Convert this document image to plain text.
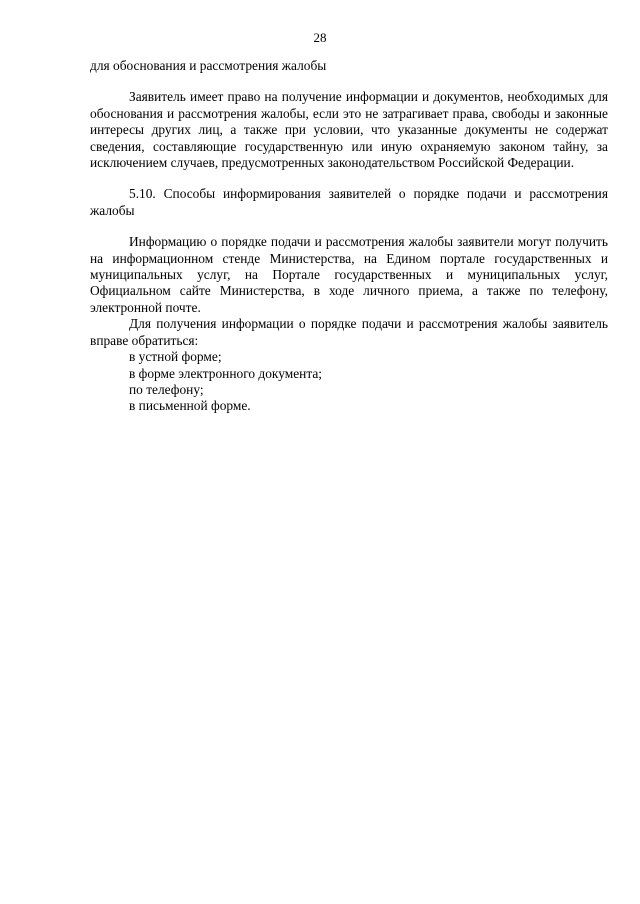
28

для обоснования и рассмотрения жалобы

Заявитель имеет право на получение информации и документов, необходимых для обоснования и рассмотрения жалобы, если это не затрагивает права, свободы и законные интересы других лиц, а также при условии, что указанные документы не содержат сведения, составляющие государственную или иную охраняемую законом тайну, за исключением случаев, предусмотренных законодательством Российской Федерации.

5.10. Способы информирования заявителей о порядке подачи и рассмотрения жалобы

Информацию о порядке подачи и рассмотрения жалобы заявители могут получить на информационном стенде Министерства, на Едином портале государственных и муниципальных услуг, на Портале государственных и муниципальных услуг, Официальном сайте Министерства, в ходе личного приема, а также по телефону, электронной почте.

Для получения информации о порядке подачи и рассмотрения жалобы заявитель вправе обратиться:

в устной форме;

в форме электронного документа;

по телефону;

в письменной форме.
